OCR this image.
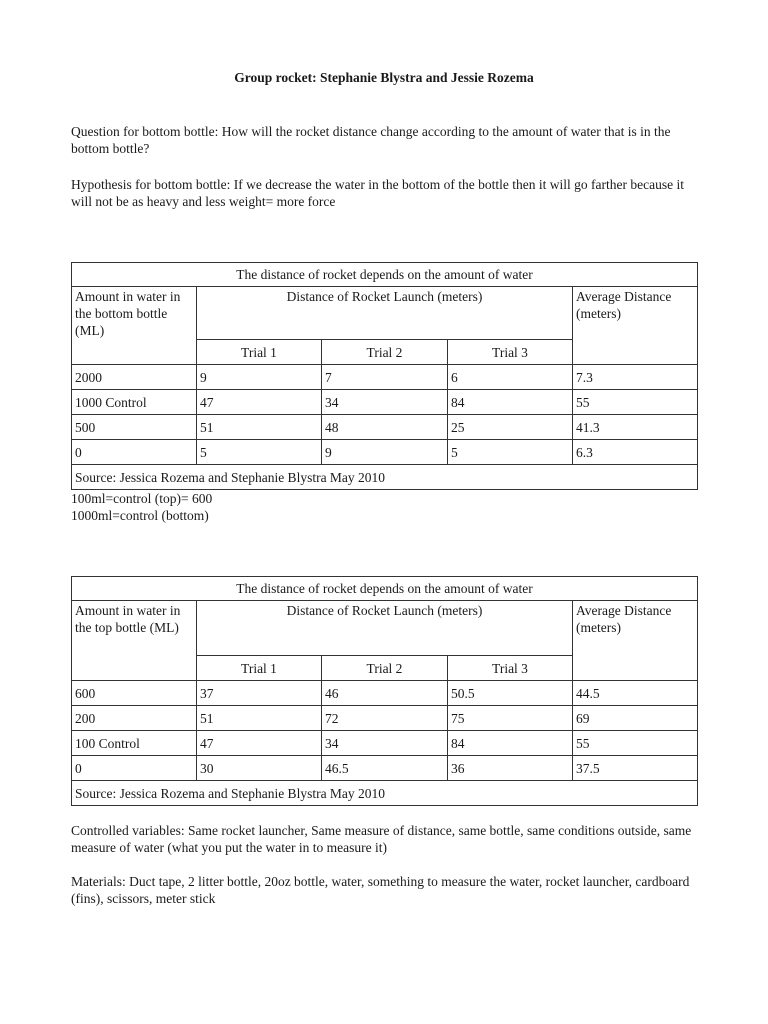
Group rocket: Stephanie Blystra and Jessie Rozema

Question for bottom bottle: How will the rocket distance change according to the amount of water that is in the bottom bottle?

Hypothesis for bottom bottle: If we decrease the water in the bottom of the bottle then it will go farther because it will not be as heavy and less weight= more force

The distance of rocket depends on the amount of water				
Amount in water in the bottom bottle (ML)	Distance of Rocket Launch (meters)			Average Distance (meters)
	Trial 1	Trial 2	Trial 3	
2000	9	7	6	7.3
1000 Control	47	34	84	55
500	51	48	25	41.3
0	5	9	5	6.3
Source: Jessica Rozema and Stephanie Blystra May 2010				
100ml=control (top)= 600
1000ml=control (bottom)
The distance of rocket depends on the amount of water				
Amount in water in the top bottle (ML)	Distance of Rocket Launch (meters)			Average Distance (meters)
	Trial 1	Trial 2	Trial 3	
600	37	46	50.5	44.5
200	51	72	75	69
100 Control	47	34	84	55
0	30	46.5	36	37.5
Source: Jessica Rozema and Stephanie Blystra May 2010				

Controlled variables: Same rocket launcher, Same measure of distance, same bottle, same conditions outside, same measure of water (what you put the water in to measure it)

Materials: Duct tape, 2 litter bottle, 20oz bottle, water, something to measure the water, rocket launcher, cardboard (fins), scissors, meter stick
